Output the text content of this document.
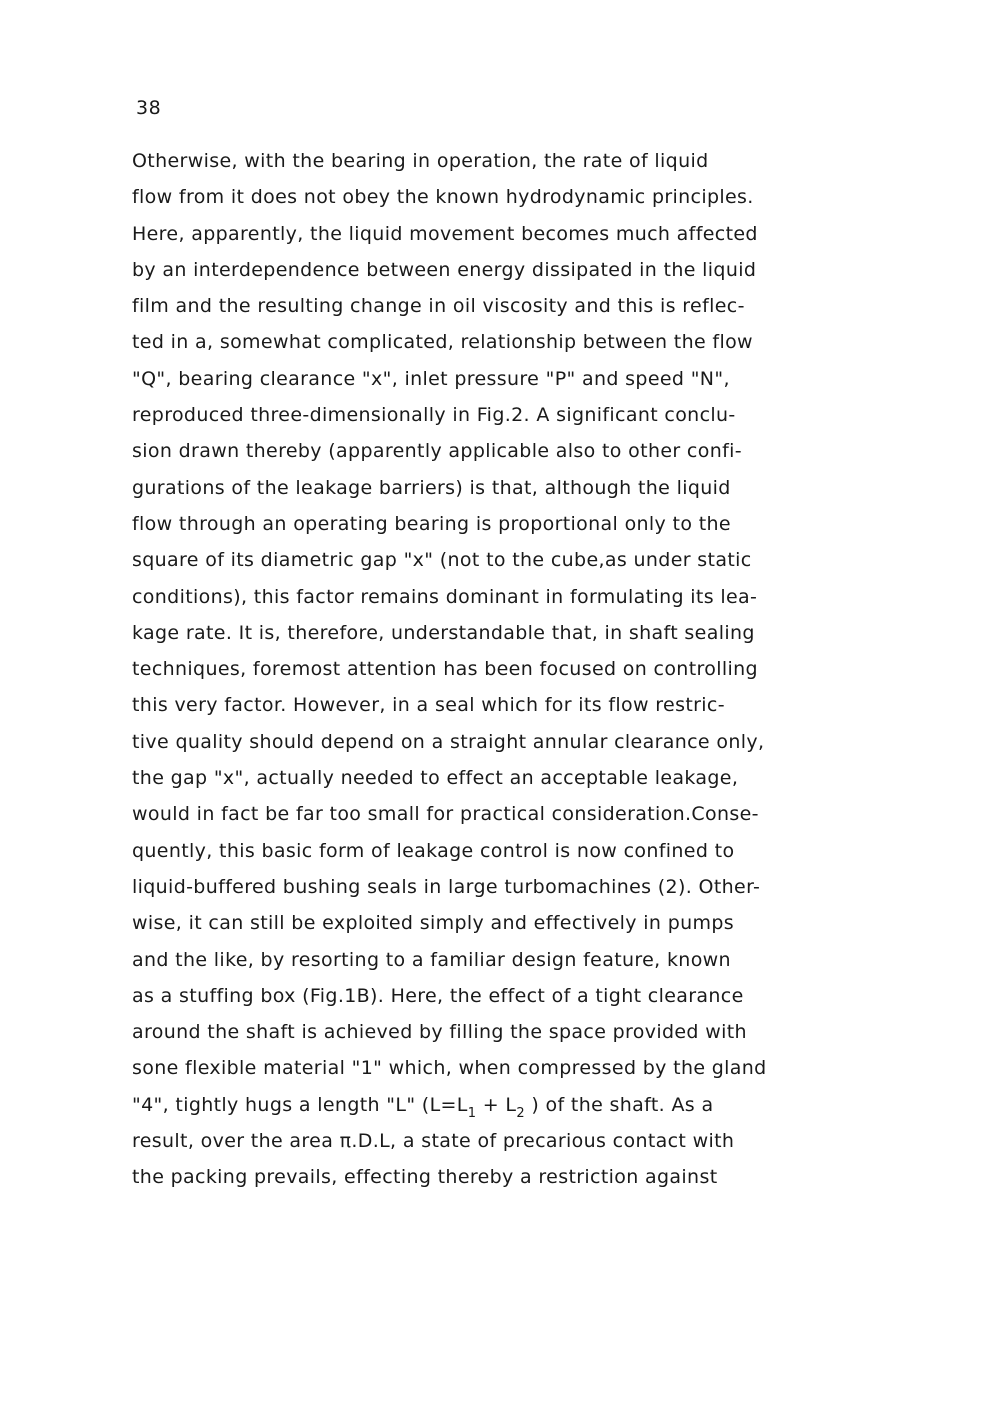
38
Otherwise, with the bearing in operation, the rate of liquid
flow from it does not obey the known hydrodynamic principles.
Here, apparently, the liquid movement becomes much affected
by an interdependence between energy dissipated in the liquid
film and the resulting change in oil viscosity and this is reflec-
ted in a, somewhat complicated, relationship between the flow
"Q", bearing clearance "x", inlet pressure "P" and speed "N",
reproduced three-dimensionally in Fig.2. A significant conclu-
sion drawn thereby (apparently applicable also to other confi-
gurations of the leakage barriers) is that, although the liquid
flow through an operating bearing is proportional only to the
square of its diametric gap "x" (not to the cube,as under static
conditions), this factor remains dominant in formulating its lea-
kage rate. It is, therefore, understandable that, in shaft sealing
techniques, foremost attention has been focused on controlling
this very factor. However, in a seal which for its flow restric-
tive quality should depend on a straight annular clearance only,
the gap "x", actually needed to effect an acceptable leakage,
would in fact be far too small for practical consideration.Conse-
quently, this basic form of leakage control is now confined to
liquid-buffered bushing seals in large turbomachines (2). Other-
wise, it can still be exploited simply and effectively in pumps
and the like, by resorting to a familiar design feature, known
as a stuffing box (Fig.1B). Here, the effect of a tight clearance
around the shaft is achieved by filling the space provided with
sone flexible material "1" which, when compressed by the gland
"4", tightly hugs a length "L" ($L=L_1 + L_2$ ) of the shaft. As a
result, over the area π.D.L, a state of precarious contact with
the packing prevails, effecting thereby a restriction against
